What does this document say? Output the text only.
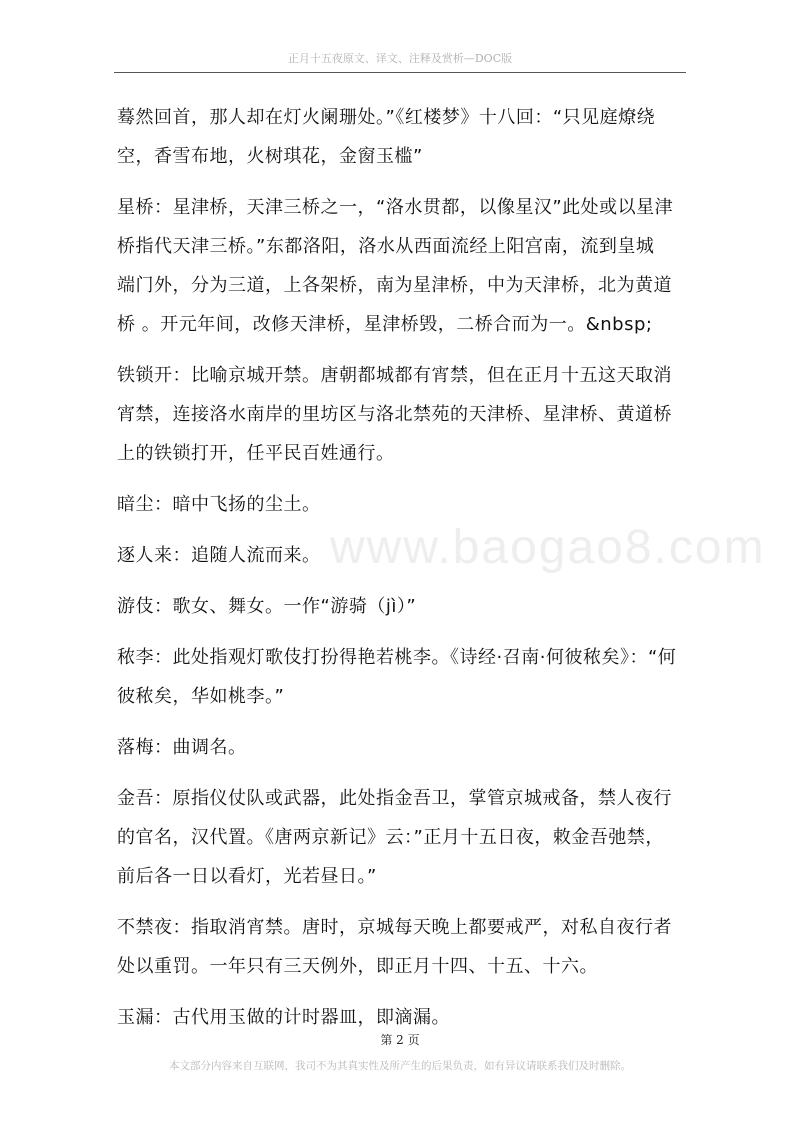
正月十五夜原文、译文、注释及赏析—DOC版
www.baogao8.com

蓦然回首，那人却在灯火阑珊处。”《红楼梦》十八回：“只见庭燎绕
空，香雪布地，火树琪花，金窗玉槛”

星桥：星津桥，天津三桥之一，“洛水贯都，以像星汉”此处或以星津
桥指代天津三桥。”东都洛阳，洛水从西面流经上阳宫南，流到皇城
端门外，分为三道，上各架桥，南为星津桥，中为天津桥，北为黄道
桥 。开元年间，改修天津桥，星津桥毁，二桥合而为一。&nbsp;

铁锁开：比喻京城开禁。唐朝都城都有宵禁，但在正月十五这天取消
宵禁，连接洛水南岸的里坊区与洛北禁苑的天津桥、星津桥、黄道桥
上的铁锁打开，任平民百姓通行。

暗尘：暗中飞扬的尘土。

逐人来：追随人流而来。

游伎：歌女、舞女。一作“游骑（jì）”

秾李：此处指观灯歌伎打扮得艳若桃李。《诗经·召南·何彼秾矣》：“何
彼秾矣，华如桃李。”

落梅：曲调名。

金吾：原指仪仗队或武器，此处指金吾卫，掌管京城戒备，禁人夜行
的官名，汉代置。《唐两京新记》云：”正月十五日夜，敕金吾弛禁，
前后各一日以看灯，光若昼日。”

不禁夜：指取消宵禁。唐时，京城每天晚上都要戒严，对私自夜行者
处以重罚。一年只有三天例外，即正月十四、十五、十六。

玉漏：古代用玉做的计时器皿，即滴漏。

第 2 页
本文部分内容来自互联网，我司不为其真实性及所产生的后果负责，如有异议请联系我们及时删除。
